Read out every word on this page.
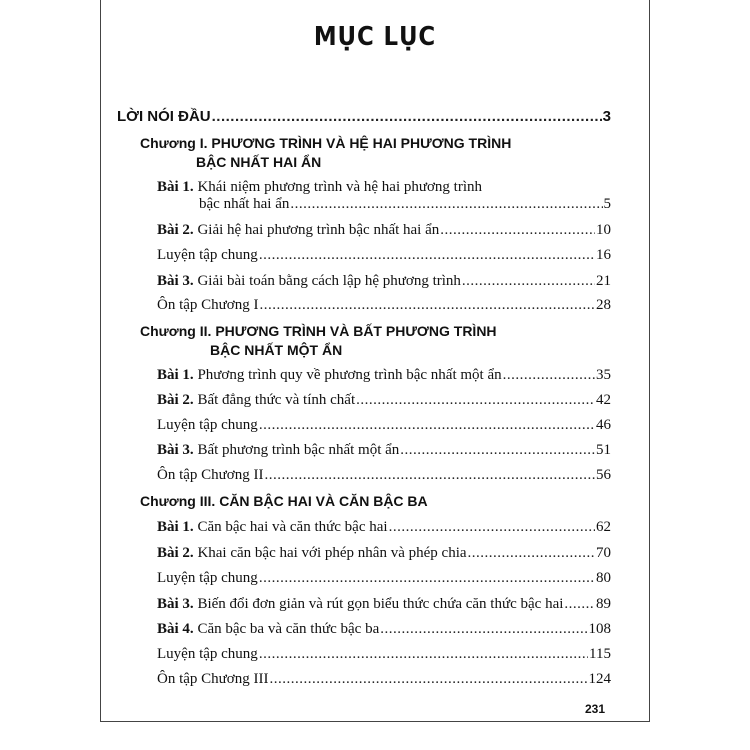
MỤC LỤC
LỜI NÓI ĐẦU .....	3
Chương I. PHƯƠNG TRÌNH VÀ HỆ HAI PHƯƠNG TRÌNH
BẬC NHẤT HAI ẨN
Bài 1. Khái niệm phương trình và hệ hai phương trình
bậc nhất hai ẩn .....	5
Bài 2. Giải hệ hai phương trình bậc nhất hai ẩn .....	10
Luyện tập chung .....	16
Bài 3. Giải bài toán bằng cách lập hệ phương trình .....	21
Ôn tập Chương I .....	28
Chương II. PHƯƠNG TRÌNH VÀ BẤT PHƯƠNG TRÌNH
BẬC NHẤT MỘT ẨN
Bài 1. Phương trình quy về phương trình bậc nhất một ẩn .....	35
Bài 2. Bất đẳng thức và tính chất .....	42
Luyện tập chung .....	46
Bài 3. Bất phương trình bậc nhất một ẩn .....	51
Ôn tập Chương II .....	56
Chương III. CĂN BẬC HAI VÀ CĂN BẬC BA
Bài 1. Căn bậc hai và căn thức bậc hai .....	62
Bài 2. Khai căn bậc hai với phép nhân và phép chia .....	70
Luyện tập chung .....	80
Bài 3. Biến đổi đơn giản và rút gọn biểu thức chứa căn thức bậc hai ..... 89
Bài 4. Căn bậc ba và căn thức bậc ba .....	108
Luyện tập chung .....	115
Ôn tập Chương III .....	124
231
